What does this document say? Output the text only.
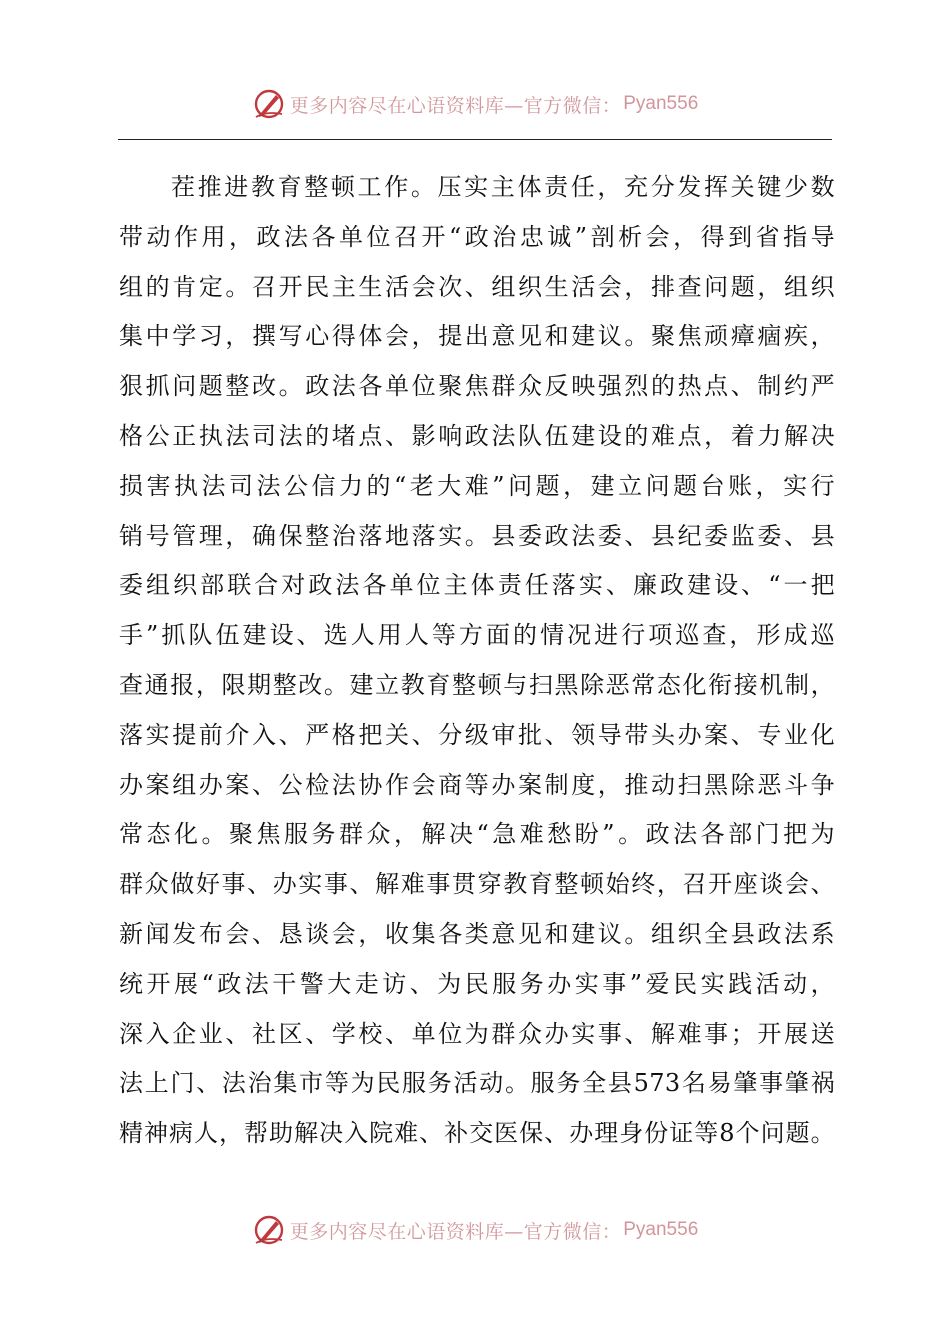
更多内容尽在心语资料库—官方微信： Pyan556
茬推进教育整顿工作。压实主体责任，充分发挥关键少数
带动作用，政法各单位召开“政治忠诚”剖析会，得到省指导
组的肯定。召开民主生活会次、组织生活会，排查问题，组织
集中学习，撰写心得体会，提出意见和建议。聚焦顽瘴痼疾，
狠抓问题整改。政法各单位聚焦群众反映强烈的热点、制约严
格公正执法司法的堵点、影响政法队伍建设的难点，着力解决
损害执法司法公信力的“老大难”问题，建立问题台账，实行
销号管理，确保整治落地落实。县委政法委、县纪委监委、县
委组织部联合对政法各单位主体责任落实、廉政建设、“一把
手”抓队伍建设、选人用人等方面的情况进行项巡查，形成巡
查通报，限期整改。建立教育整顿与扫黑除恶常态化衔接机制，
落实提前介入、严格把关、分级审批、领导带头办案、专业化
办案组办案、公检法协作会商等办案制度，推动扫黑除恶斗争
常态化。聚焦服务群众，解决“急难愁盼”。政法各部门把为
群众做好事、办实事、解难事贯穿教育整顿始终，召开座谈会、
新闻发布会、恳谈会，收集各类意见和建议。组织全县政法系
统开展“政法干警大走访、为民服务办实事”爱民实践活动，
深入企业、社区、学校、单位为群众办实事、解难事；开展送
法上门、法治集市等为民服务活动。服务全县573名易肇事肇祸
精神病人，帮助解决入院难、补交医保、办理身份证等8个问题。
更多内容尽在心语资料库—官方微信： Pyan556
